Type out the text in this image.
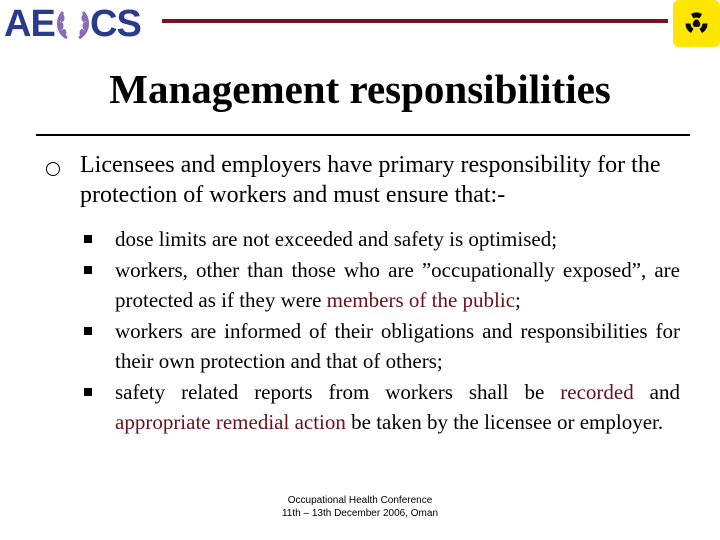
AE CS
Management responsibilities
Licensees and employers have primary responsibility for the protection of workers and must ensure that:-
dose limits are not exceeded and safety is optimised;
workers, other than those who are ”occupationally exposed”, are protected as if they were members of the public;
workers are informed of their obligations and responsibilities for their own protection and that of others;
safety related reports from workers shall be recorded and appropriate remedial action be taken by the licensee or employer.
Occupational Health Conference
11th – 13th December 2006, Oman
